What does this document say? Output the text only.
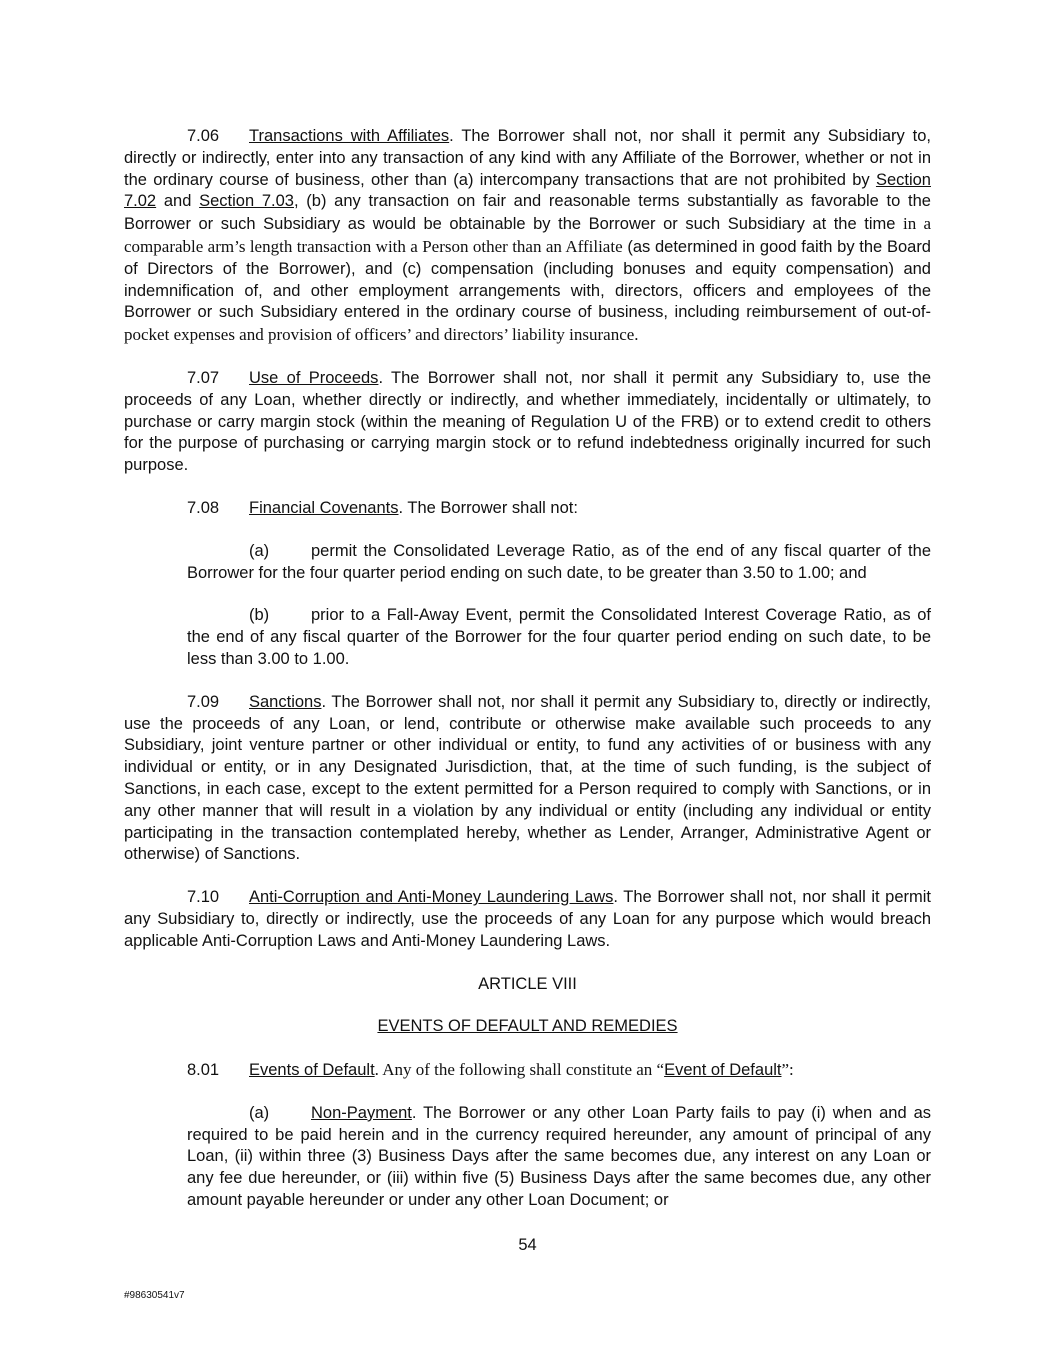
7.06 Transactions with Affiliates. The Borrower shall not, nor shall it permit any Subsidiary to, directly or indirectly, enter into any transaction of any kind with any Affiliate of the Borrower, whether or not in the ordinary course of business, other than (a) intercompany transactions that are not prohibited by Section 7.02 and Section 7.03, (b) any transaction on fair and reasonable terms substantially as favorable to the Borrower or such Subsidiary as would be obtainable by the Borrower or such Subsidiary at the time in a comparable arm’s length transaction with a Person other than an Affiliate (as determined in good faith by the Board of Directors of the Borrower), and (c) compensation (including bonuses and equity compensation) and indemnification of, and other employment arrangements with, directors, officers and employees of the Borrower or such Subsidiary entered in the ordinary course of business, including reimbursement of out-of-pocket expenses and provision of officers’ and directors’ liability insurance.

7.07 Use of Proceeds. The Borrower shall not, nor shall it permit any Subsidiary to, use the proceeds of any Loan, whether directly or indirectly, and whether immediately, incidentally or ultimately, to purchase or carry margin stock (within the meaning of Regulation U of the FRB) or to extend credit to others for the purpose of purchasing or carrying margin stock or to refund indebtedness originally incurred for such purpose.

7.08 Financial Covenants. The Borrower shall not:

(a)	permit the Consolidated Leverage Ratio, as of the end of any fiscal quarter of the Borrower for the four quarter period ending on such date, to be greater than 3.50 to 1.00; and

(b)	prior to a Fall-Away Event, permit the Consolidated Interest Coverage Ratio, as of the end of any fiscal quarter of the Borrower for the four quarter period ending on such date, to be less than 3.00 to 1.00.

7.09 Sanctions. The Borrower shall not, nor shall it permit any Subsidiary to, directly or indirectly, use the proceeds of any Loan, or lend, contribute or otherwise make available such proceeds to any Subsidiary, joint venture partner or other individual or entity, to fund any activities of or business with any individual or entity, or in any Designated Jurisdiction, that, at the time of such funding, is the subject of Sanctions, in each case, except to the extent permitted for a Person required to comply with Sanctions, or in any other manner that will result in a violation by any individual or entity (including any individual or entity participating in the transaction contemplated hereby, whether as Lender, Arranger, Administrative Agent or otherwise) of Sanctions.

7.10 Anti-Corruption and Anti-Money Laundering Laws. The Borrower shall not, nor shall it permit any Subsidiary to, directly or indirectly, use the proceeds of any Loan for any purpose which would breach applicable Anti-Corruption Laws and Anti-Money Laundering Laws.

ARTICLE VIII

EVENTS OF DEFAULT AND REMEDIES

8.01 Events of Default. Any of the following shall constitute an “Event of Default”:

(a)	Non-Payment. The Borrower or any other Loan Party fails to pay (i) when and as required to be paid herein and in the currency required hereunder, any amount of principal of any Loan, (ii) within three (3) Business Days after the same becomes due, any interest on any Loan or any fee due hereunder, or (iii) within five (5) Business Days after the same becomes due, any other amount payable hereunder or under any other Loan Document; or

54
#98630541v7
